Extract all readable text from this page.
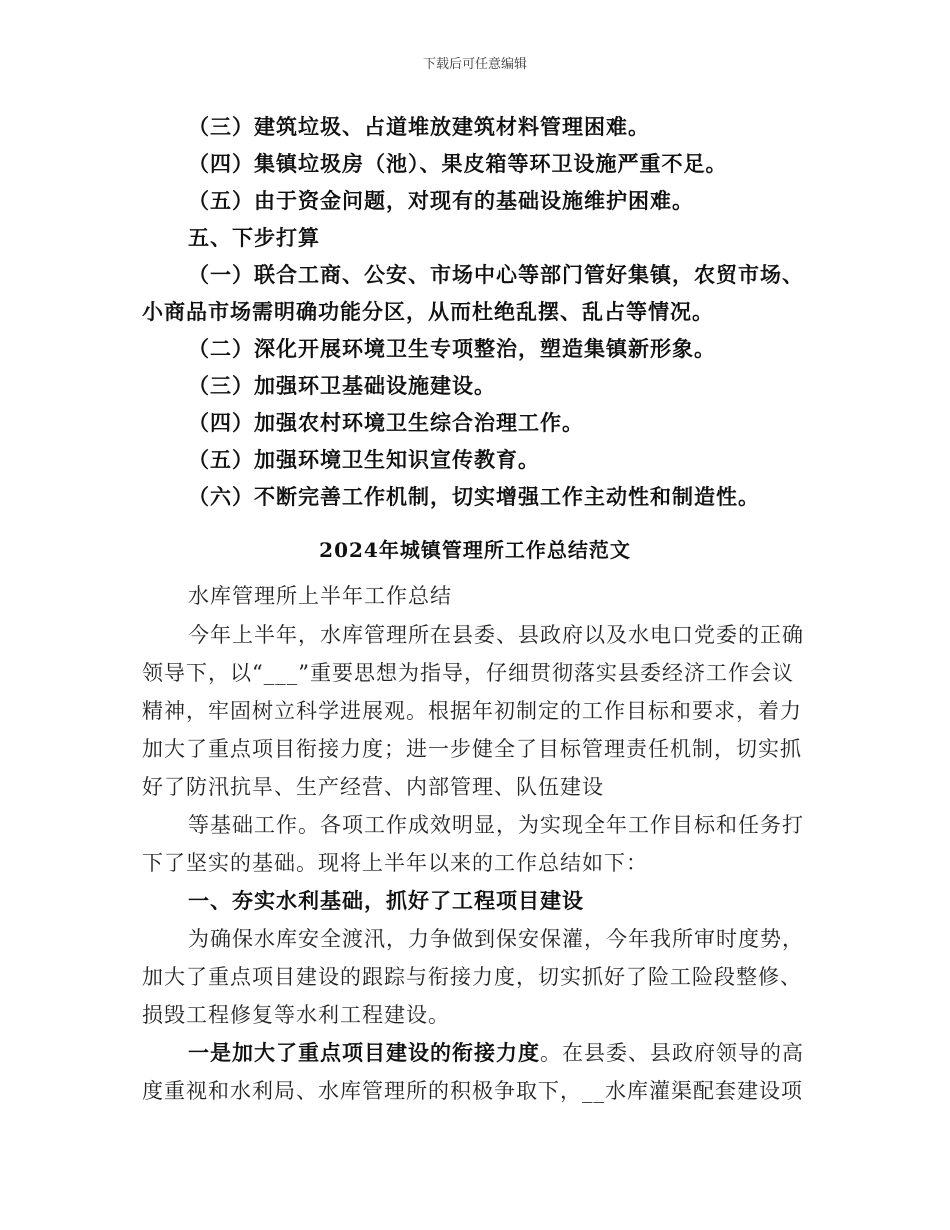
下载后可任意编辑
（三）建筑垃圾、占道堆放建筑材料管理困难。
（四）集镇垃圾房（池）、果皮箱等环卫设施严重不足。
（五）由于资金问题，对现有的基础设施维护困难。
五、下步打算
（一）联合工商、公安、市场中心等部门管好集镇，农贸市场、
小商品市场需明确功能分区，从而杜绝乱摆、乱占等情况。
（二）深化开展环境卫生专项整治，塑造集镇新形象。
（三）加强环卫基础设施建设。
（四）加强农村环境卫生综合治理工作。
（五）加强环境卫生知识宣传教育。
（六）不断完善工作机制，切实增强工作主动性和制造性。
2024年城镇管理所工作总结范文
水库管理所上半年工作总结
今年上半年，水库管理所在县委、县政府以及水电口党委的正确
领导下，以“___”重要思想为指导，仔细贯彻落实县委经济工作会议
精神，牢固树立科学进展观。根据年初制定的工作目标和要求，着力
加大了重点项目衔接力度；进一步健全了目标管理责任机制，切实抓
好了防汛抗旱、生产经营、内部管理、队伍建设
等基础工作。各项工作成效明显，为实现全年工作目标和任务打
下了坚实的基础。现将上半年以来的工作总结如下：
一、夯实水利基础，抓好了工程项目建设
为确保水库安全渡汛，力争做到保安保灌，今年我所审时度势，
加大了重点项目建设的跟踪与衔接力度，切实抓好了险工险段整修、
损毁工程修复等水利工程建设。
一是加大了重点项目建设的衔接力度。在县委、县政府领导的高
度重视和水利局、水库管理所的积极争取下，__水库灌渠配套建设项
